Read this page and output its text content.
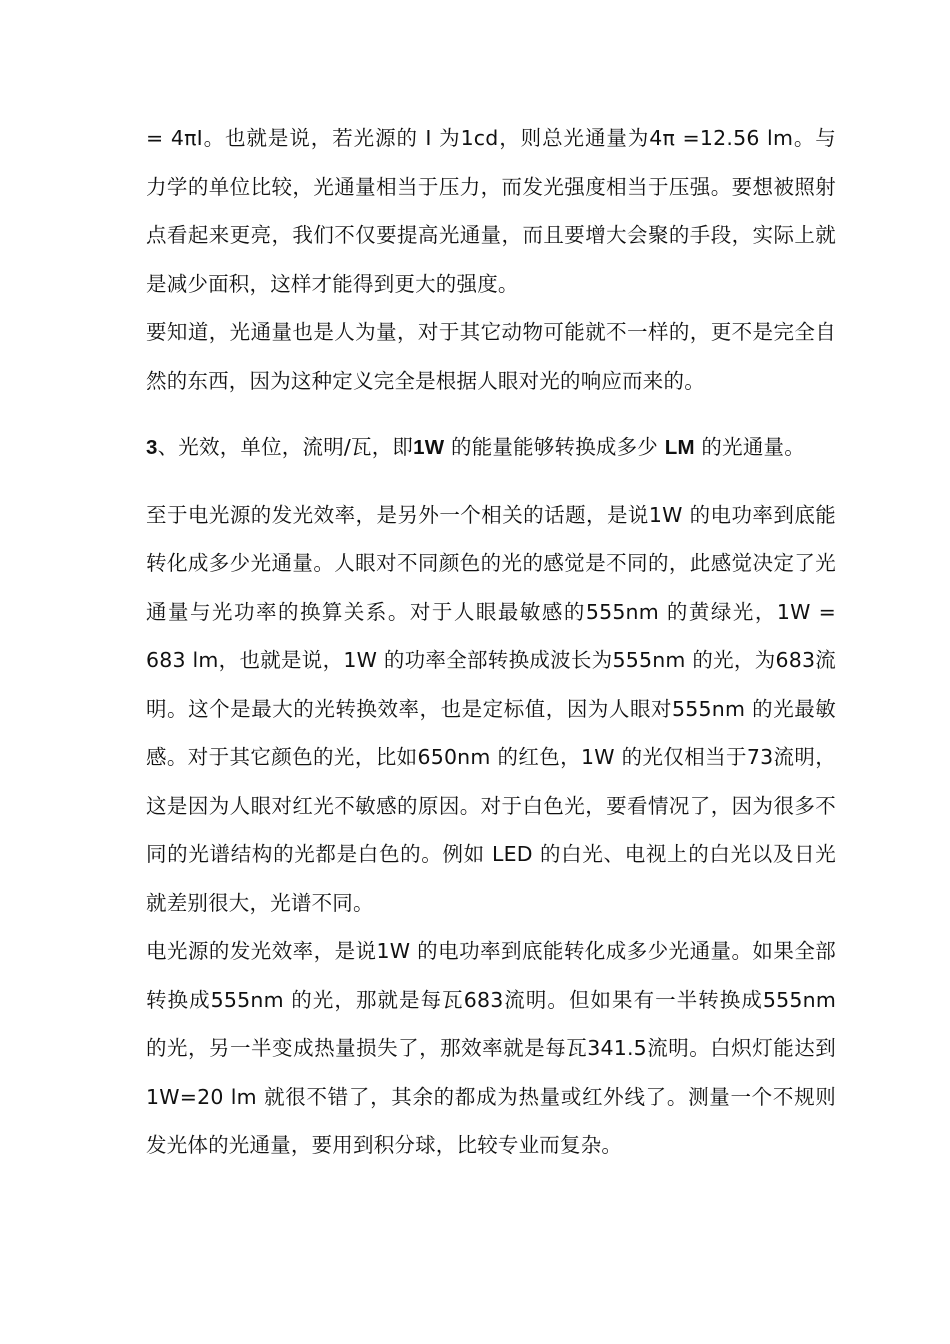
= 4πI。也就是说，若光源的 I 为1cd，则总光通量为4π =12.56 lm。与力学的单位比较，光通量相当于压力，而发光强度相当于压强。要想被照射点看起来更亮，我们不仅要提高光通量，而且要增大会聚的手段，实际上就是减少面积，这样才能得到更大的强度。

要知道，光通量也是人为量，对于其它动物可能就不一样的，更不是完全自然的东西，因为这种定义完全是根据人眼对光的响应而来的。

3、光效，单位，流明/瓦，即1W 的能量能够转换成多少 LM 的光通量。

至于电光源的发光效率，是另外一个相关的话题，是说1W 的电功率到底能转化成多少光通量。人眼对不同颜色的光的感觉是不同的，此感觉决定了光通量与光功率的换算关系。对于人眼最敏感的555nm 的黄绿光，1W = 683 lm，也就是说，1W 的功率全部转换成波长为555nm 的光，为683流明。这个是最大的光转换效率，也是定标值，因为人眼对555nm 的光最敏感。对于其它颜色的光，比如650nm 的红色，1W 的光仅相当于73流明，这是因为人眼对红光不敏感的原因。对于白色光，要看情况了，因为很多不同的光谱结构的光都是白色的。例如 LED 的白光、电视上的白光以及日光就差别很大，光谱不同。

电光源的发光效率，是说1W 的电功率到底能转化成多少光通量。如果全部转换成555nm 的光，那就是每瓦683流明。但如果有一半转换成555nm 的光，另一半变成热量损失了，那效率就是每瓦341.5流明。白炽灯能达到1W=20 lm 就很不错了，其余的都成为热量或红外线了。测量一个不规则发光体的光通量，要用到积分球，比较专业而复杂。
